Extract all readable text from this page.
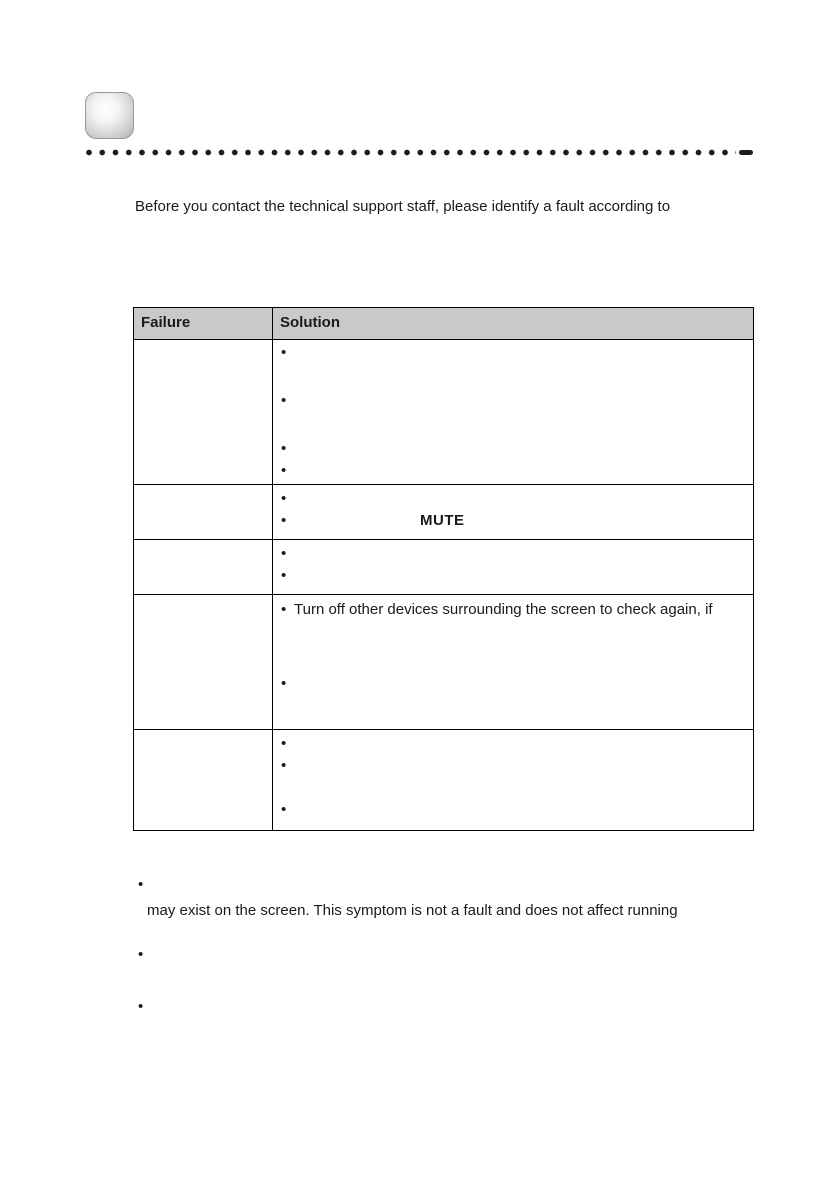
Before you contact the technical support staff, please identify a fault according to

Failure	Solution

	•
•
•
•

	•
• MUTE

	•
•

	• Turn off other devices surrounding the screen to check again, if
•

	•
•
•
•
may exist on the screen. This symptom is not a fault and does not affect running
•
•
